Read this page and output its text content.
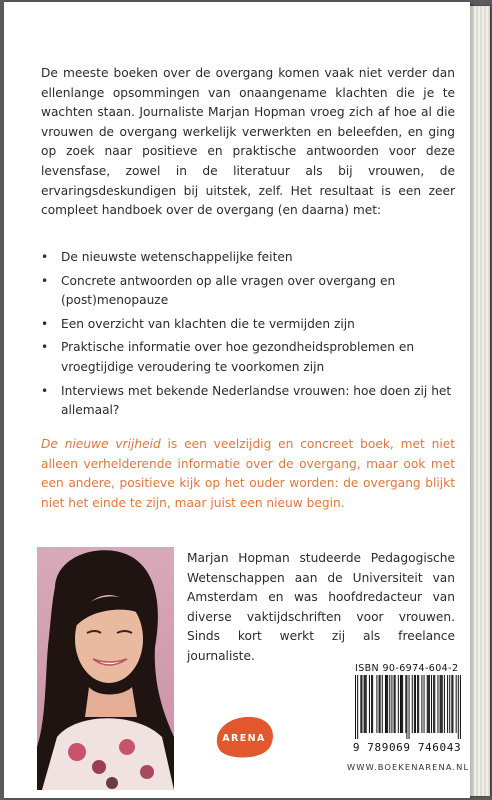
De meeste boeken over de overgang komen vaak niet verder dan ellenlange opsommingen van onaangename klachten die je te wachten staan. Journaliste Marjan Hopman vroeg zich af hoe al die vrouwen de overgang werkelijk verwerkten en beleefden, en ging op zoek naar positieve en praktische antwoorden voor deze levensfase, zowel in de literatuur als bij vrouwen, de ervaringsdeskundigen bij uitstek, zelf. Het resultaat is een zeer compleet handboek over de overgang (en daarna) met:

• De nieuwste wetenschappelijke feiten
• Concrete antwoorden op alle vragen over overgang en (post)menopauze
• Een overzicht van klachten die te vermijden zijn
• Praktische informatie over hoe gezondheidsproblemen en vroegtijdige veroudering te voorkomen zijn
• Interviews met bekende Nederlandse vrouwen: hoe doen zij het allemaal?

De nieuwe vrijheid is een veelzijdig en concreet boek, met niet alleen verhelderende informatie over de overgang, maar ook met een andere, positieve kijk op het ouder worden: de overgang blijkt niet het einde te zijn, maar juist een nieuw begin.

Marjan Hopman studeerde Pedagogische Wetenschappen aan de Universiteit van Amsterdam en was hoofdredacteur van diverse vaktijdschriften voor vrouwen. Sinds kort werkt zij als freelance journaliste.

ARENA
ISBN 90-6974-604-2
9 789069 746043
WWW.BOEKENARENA.NL
